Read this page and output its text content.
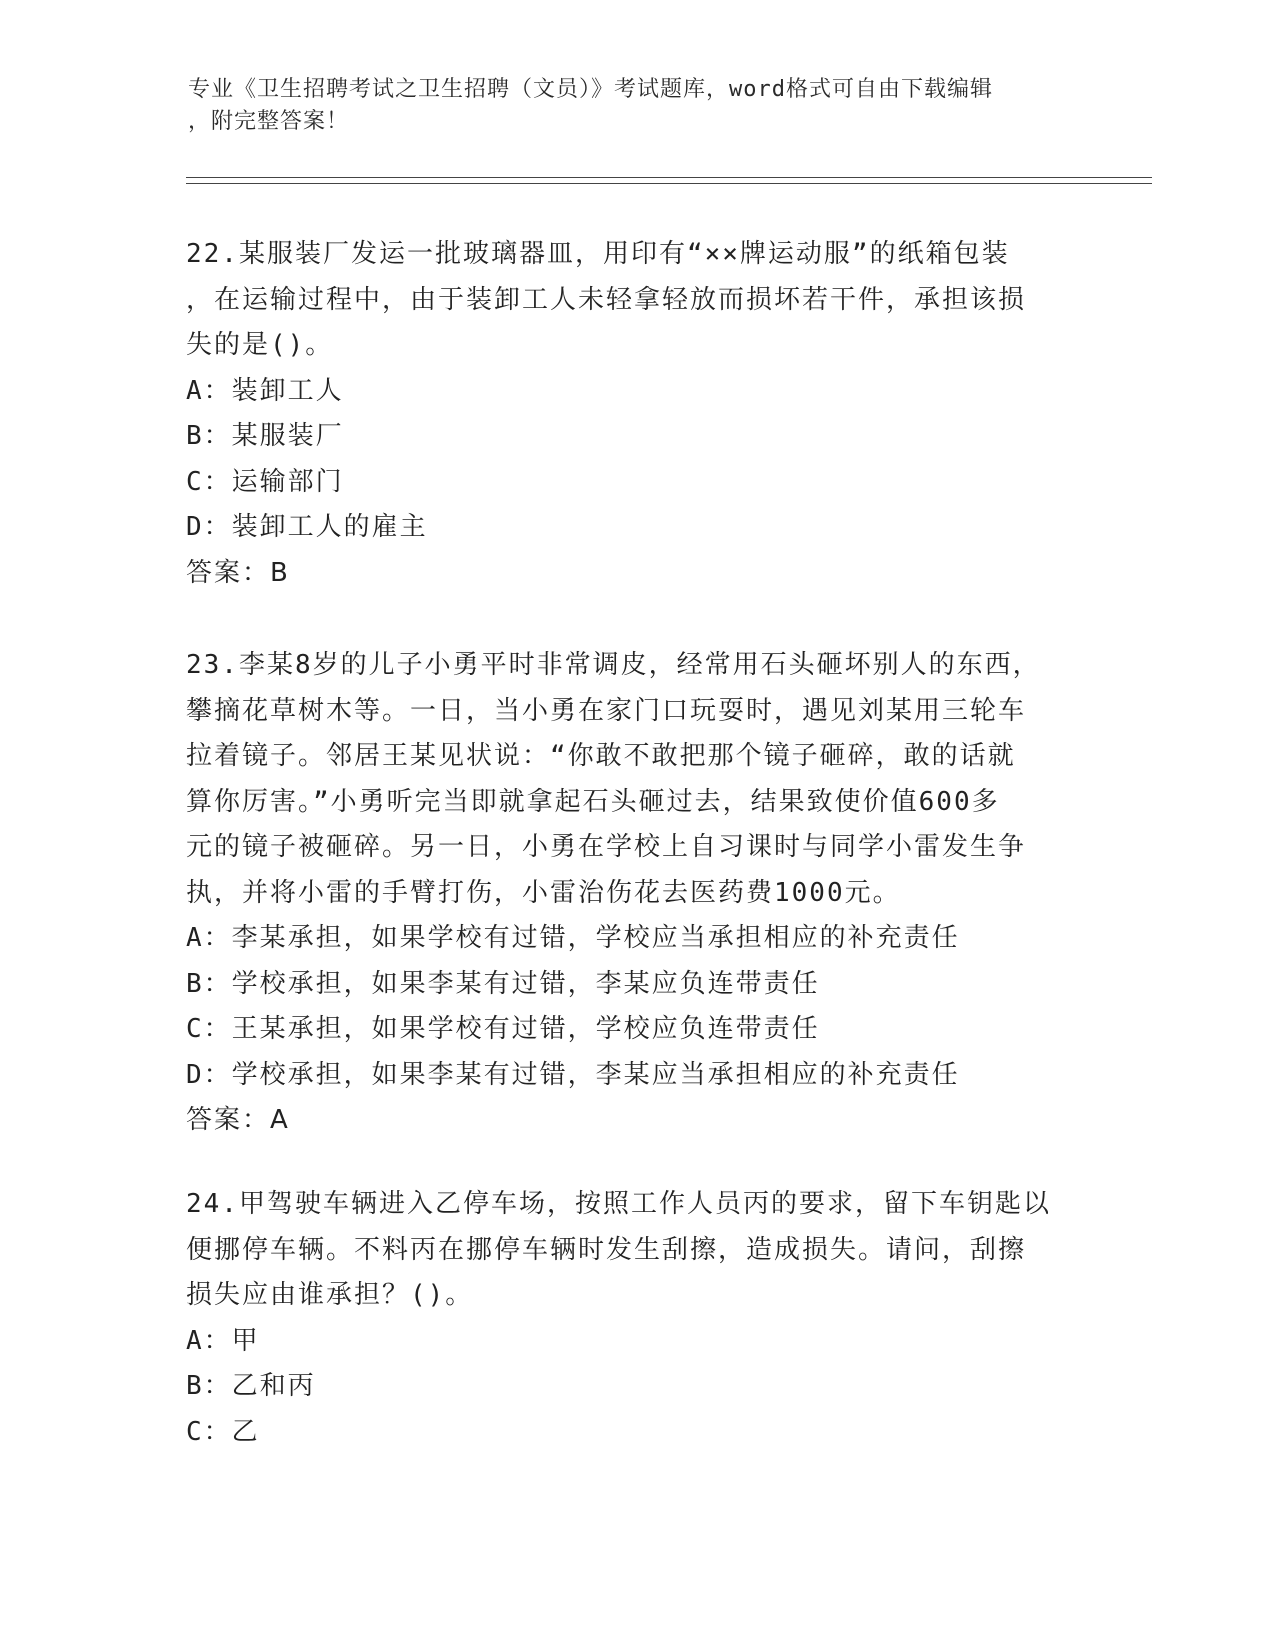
专业《卫生招聘考试之卫生招聘（文员）》考试题库，word格式可自由下载编辑
，附完整答案！
22.某服装厂发运一批玻璃器皿，用印有“××牌运动服”的纸箱包装
，在运输过程中，由于装卸工人未轻拿轻放而损坏若干件，承担该损
失的是()。
A：装卸工人
B：某服装厂
C：运输部门
D：装卸工人的雇主
答案：B
23.李某8岁的儿子小勇平时非常调皮，经常用石头砸坏别人的东西，
攀摘花草树木等。一日，当小勇在家门口玩耍时，遇见刘某用三轮车
拉着镜子。邻居王某见状说：“你敢不敢把那个镜子砸碎，敢的话就
算你厉害。”小勇听完当即就拿起石头砸过去，结果致使价值600多
元的镜子被砸碎。另一日，小勇在学校上自习课时与同学小雷发生争
执，并将小雷的手臂打伤，小雷治伤花去医药费1000元。
A：李某承担，如果学校有过错，学校应当承担相应的补充责任
B：学校承担，如果李某有过错，李某应负连带责任
C：王某承担，如果学校有过错，学校应负连带责任
D：学校承担，如果李某有过错，李某应当承担相应的补充责任
答案：A
24.甲驾驶车辆进入乙停车场，按照工作人员丙的要求，留下车钥匙以
便挪停车辆。不料丙在挪停车辆时发生刮擦，造成损失。请问，刮擦
损失应由谁承担？()。
A：甲
B：乙和丙
C：乙
